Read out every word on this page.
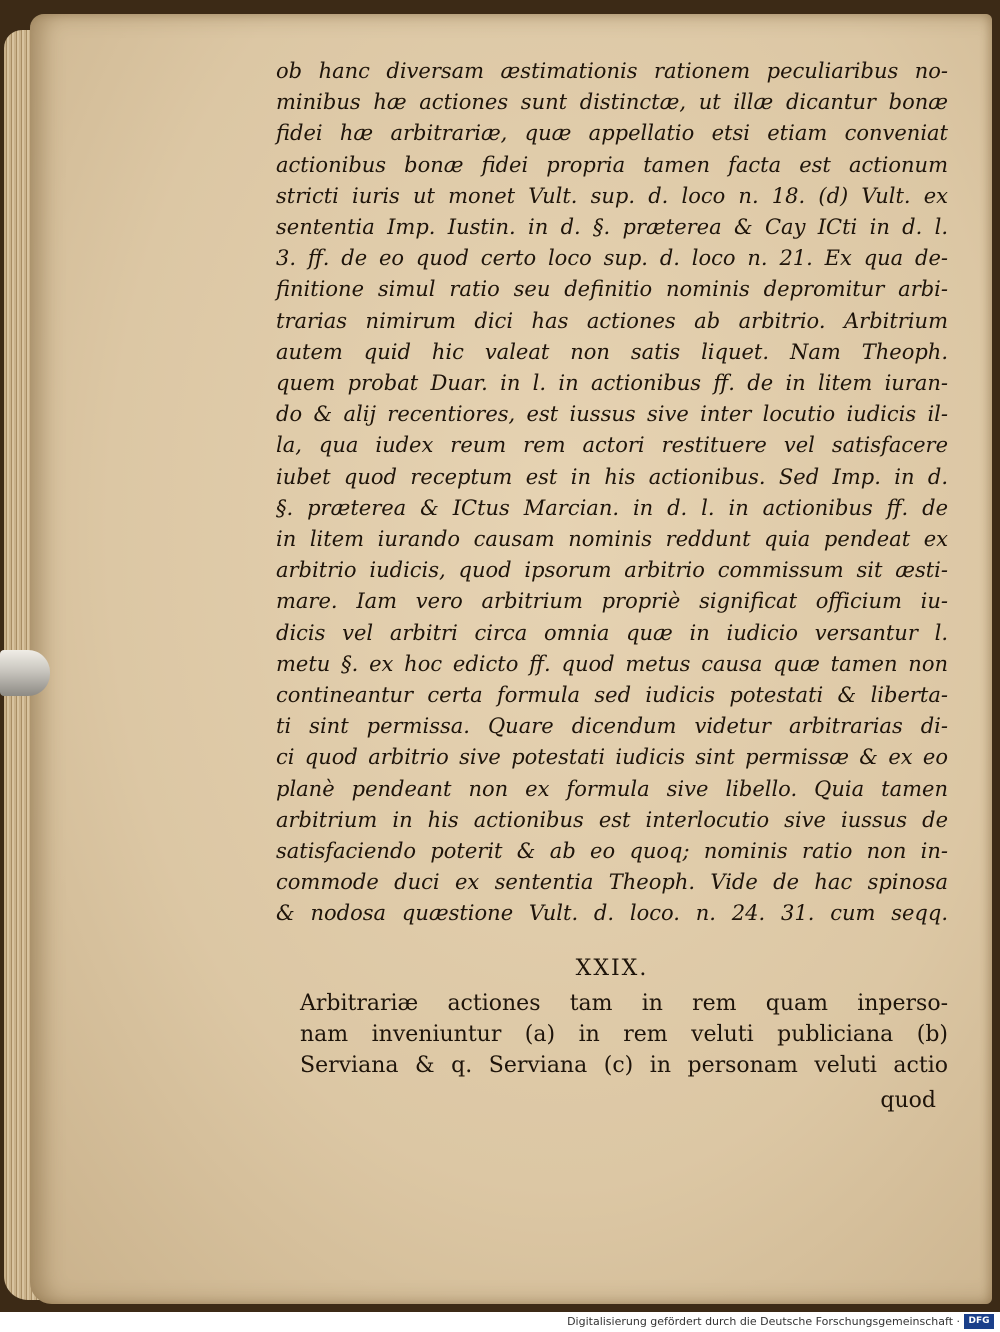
ob hanc diversam æstimationis rationem peculiaribus no-
minibus hæ actiones sunt distinctæ, ut illæ dicantur bonæ
fidei hæ arbitrariæ, quæ appellatio etsi etiam conveniat
actionibus bonæ fidei propria tamen facta est actionum
stricti iuris ut monet Vult. sup. d. loco n. 18. (d) Vult. ex
sententia Imp. Iustin. in d. §. præterea & Cay ICti in d. l.
3. ff. de eo quod certo loco sup. d. loco n. 21. Ex qua de-
finitione simul ratio seu definitio nominis depromitur arbi-
trarias nimirum dici has actiones ab arbitrio. Arbitrium
autem quid hic valeat non satis liquet. Nam Theoph.
quem probat Duar. in l. in actionibus ff. de in litem iuran-
do & alij recentiores, est iussus sive inter locutio iudicis il-
la, qua iudex reum rem actori restituere vel satisfacere
iubet quod receptum est in his actionibus. Sed Imp. in d.
§. præterea & ICtus Marcian. in d. l. in actionibus ff. de
in litem iurando causam nominis reddunt quia pendeat ex
arbitrio iudicis, quod ipsorum arbitrio commissum sit æsti-
mare. Iam vero arbitrium propriè significat officium iu-
dicis vel arbitri circa omnia quæ in iudicio versantur l.
metu §. ex hoc edicto ff. quod metus causa quæ tamen non
contineantur certa formula sed iudicis potestati & liberta-
ti sint permissa. Quare dicendum videtur arbitrarias di-
ci quod arbitrio sive potestati iudicis sint permissæ & ex eo
planè pendeant non ex formula sive libello. Quia tamen
arbitrium in his actionibus est interlocutio sive iussus de
satisfaciendo poterit & ab eo quoq; nominis ratio non in-
commode duci ex sententia Theoph. Vide de hac spinosa
& nodosa quæstione Vult. d. loco. n. 24. 31. cum seqq.
XXIX.
Arbitrariæ actiones tam in rem quam inperso-
nam inveniuntur (a) in rem veluti publiciana (b)
Serviana & q. Serviana (c) in personam veluti actio
quod
Digitalisierung gefördert durch die Deutsche Forschungsgemeinschaft · DFG
